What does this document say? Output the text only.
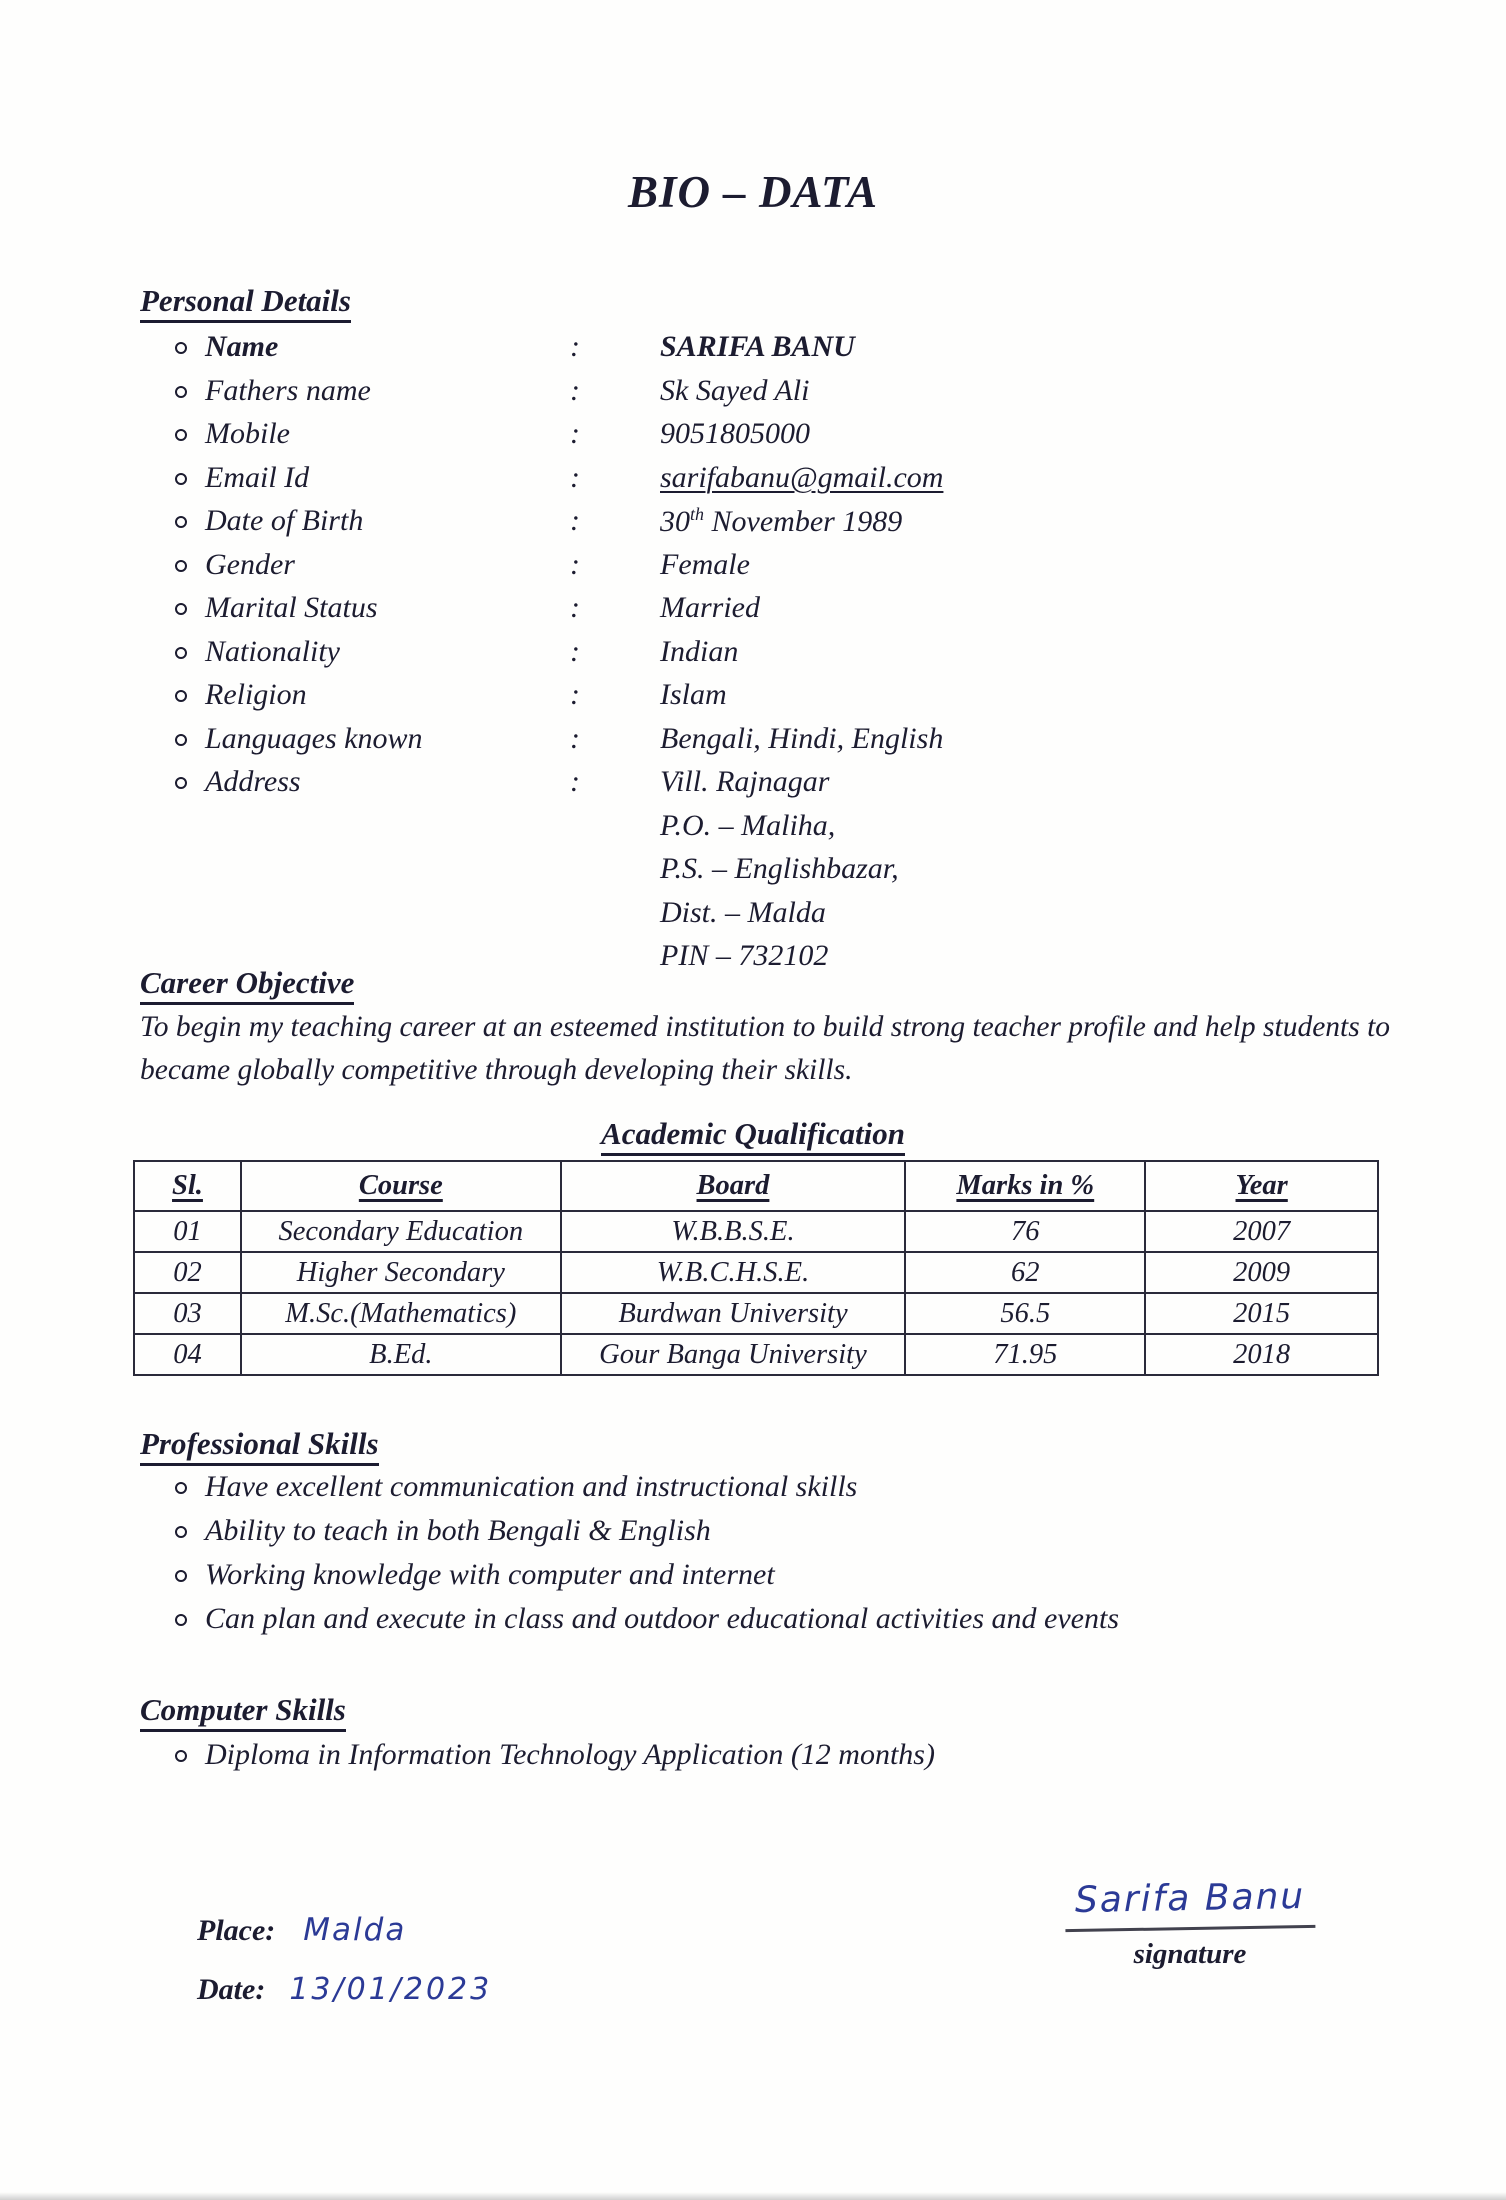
BIO – DATA
Personal Details
Name	:	SARIFA BANU
Fathers name	:	Sk Sayed Ali
Mobile	:	9051805000
Email Id	:	sarifabanu@gmail.com
Date of Birth	:	30th November 1989
Gender	:	Female
Marital Status	:	Married
Nationality	:	Indian
Religion	:	Islam
Languages known	:	Bengali, Hindi, English
Address	:	Vill. Rajnagar
P.O. – Maliha,
P.S. – Englishbazar,
Dist. – Malda
PIN – 732102
Career Objective
To begin my teaching career at an esteemed institution to build strong teacher profile and help students to became globally competitive through developing their skills.
Academic Qualification
Sl.	Course	Board	Marks in %	Year
01	Secondary Education	W.B.B.S.E.	76	2007
02	Higher Secondary	W.B.C.H.S.E.	62	2009
03	M.Sc.(Mathematics)	Burdwan University	56.5	2015
04	B.Ed.	Gour Banga University	71.95	2018
Professional Skills
Have excellent communication and instructional skills
Ability to teach in both Bengali & English
Working knowledge with computer and internet
Can plan and execute in class and outdoor educational activities and events
Computer Skills
Diploma in Information Technology Application (12 months)
Place: Malda
Date: 13/01/2023
Sarifa Banu
signature
